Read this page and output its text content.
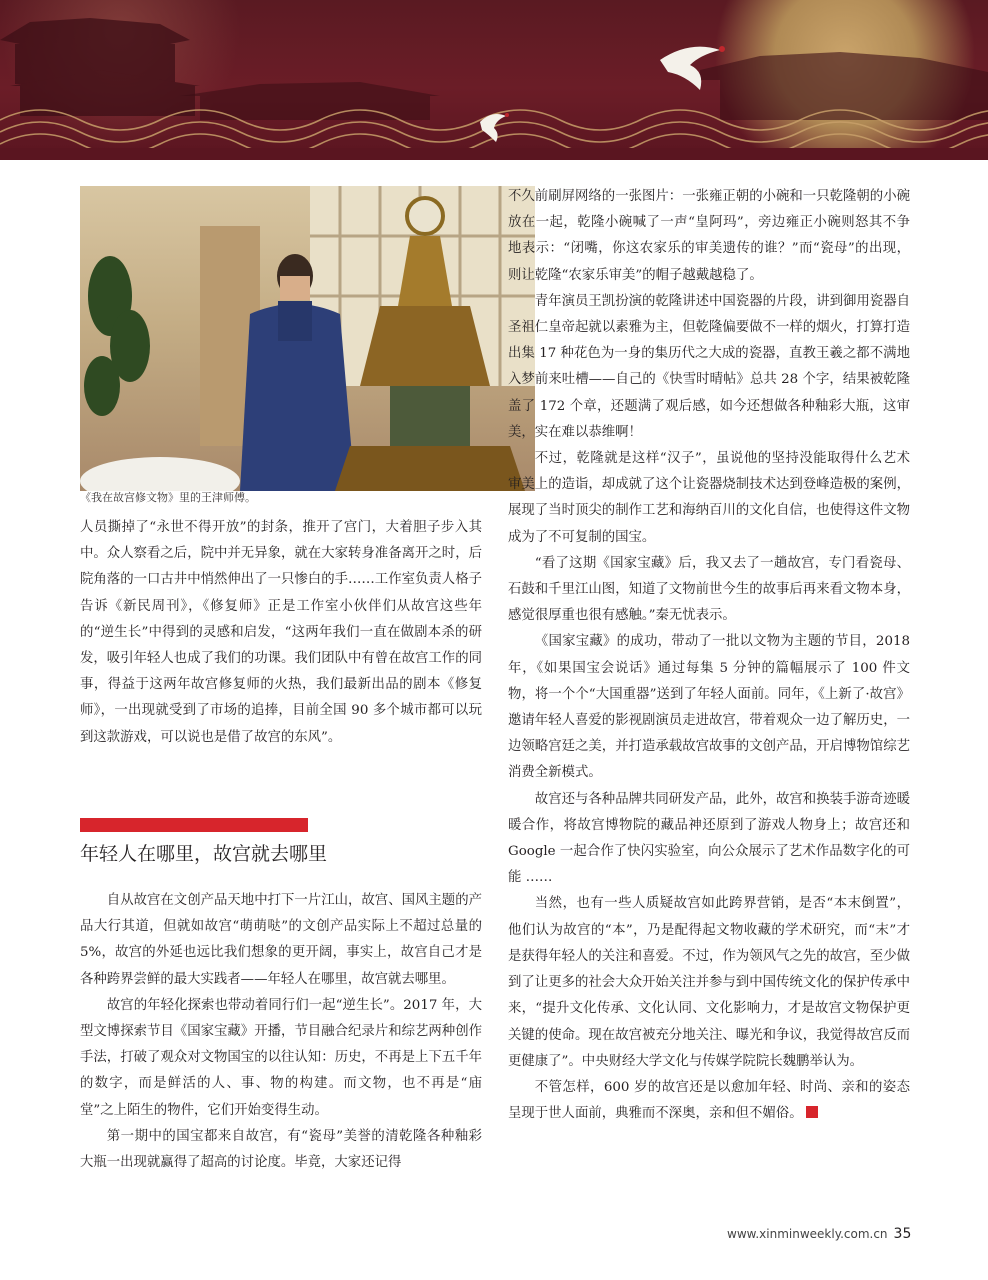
《我在故宫修文物》里的王津师傅。

人员撕掉了“永世不得开放”的封条，推开了宫门，大着胆子步入其中。众人察看之后，院中并无异象，就在大家转身准备离开之时，后院角落的一口古井中悄然伸出了一只惨白的手……工作室负责人格子告诉《新民周刊》，《修复师》正是工作室小伙伴们从故宫这些年的“逆生长”中得到的灵感和启发，“这两年我们一直在做剧本杀的研发，吸引年轻人也成了我们的功课。我们团队中有曾在故宫工作的同事，得益于这两年故宫修复师的火热，我们最新出品的剧本《修复师》，一出现就受到了市场的追捧，目前全国 90 多个城市都可以玩到这款游戏，可以说也是借了故宫的东风”。

年轻人在哪里，故宫就去哪里

自从故宫在文创产品天地中打下一片江山，故宫、国风主题的产品大行其道，但就如故宫“萌萌哒”的文创产品实际上不超过总量的 5%，故宫的外延也远比我们想象的更开阔，事实上，故宫自己才是各种跨界尝鲜的最大实践者——年轻人在哪里，故宫就去哪里。

故宫的年轻化探索也带动着同行们一起“逆生长”。2017 年，大型文博探索节目《国家宝藏》开播，节目融合纪录片和综艺两种创作手法，打破了观众对文物国宝的以往认知：历史，不再是上下五千年的数字，而是鲜活的人、事、物的构建。而文物，也不再是“庙堂”之上陌生的物件，它们开始变得生动。

第一期中的国宝都来自故宫，有“瓷母”美誉的清乾隆各种釉彩大瓶一出现就赢得了超高的讨论度。毕竟，大家还记得

不久前刷屏网络的一张图片：一张雍正朝的小碗和一只乾隆朝的小碗放在一起，乾隆小碗喊了一声“皇阿玛”，旁边雍正小碗则怒其不争地表示：“闭嘴，你这农家乐的审美遗传的谁？”而“瓷母”的出现，则让乾隆“农家乐审美”的帽子越戴越稳了。

青年演员王凯扮演的乾隆讲述中国瓷器的片段，讲到御用瓷器自圣祖仁皇帝起就以素雅为主，但乾隆偏要做不一样的烟火，打算打造出集 17 种花色为一身的集历代之大成的瓷器，直教王羲之都不满地入梦前来吐槽——自己的《快雪时晴帖》总共 28 个字，结果被乾隆盖了 172 个章，还题满了观后感，如今还想做各种釉彩大瓶，这审美，实在难以恭维啊！

不过，乾隆就是这样“汉子”，虽说他的坚持没能取得什么艺术审美上的造诣，却成就了这个让瓷器烧制技术达到登峰造极的案例，展现了当时顶尖的制作工艺和海纳百川的文化自信，也使得这件文物成为了不可复制的国宝。

“看了这期《国家宝藏》后，我又去了一趟故宫，专门看瓷母、石鼓和千里江山图，知道了文物前世今生的故事后再来看文物本身，感觉很厚重也很有感触。”秦无忧表示。

《国家宝藏》的成功，带动了一批以文物为主题的节目，2018 年，《如果国宝会说话》通过每集 5 分钟的篇幅展示了 100 件文物，将一个个“大国重器”送到了年轻人面前。同年，《上新了·故宫》邀请年轻人喜爱的影视剧演员走进故宫，带着观众一边了解历史，一边领略宫廷之美，并打造承载故宫故事的文创产品，开启博物馆综艺消费全新模式。

故宫还与各种品牌共同研发产品，此外，故宫和换装手游奇迹暖暖合作，将故宫博物院的藏品神还原到了游戏人物身上；故宫还和 Google 一起合作了快闪实验室，向公众展示了艺术作品数字化的可能 ……

当然，也有一些人质疑故宫如此跨界营销，是否“本末倒置”，他们认为故宫的“本”，乃是配得起文物收藏的学术研究，而“末”才是获得年轻人的关注和喜爱。不过，作为领风气之先的故宫，至少做到了让更多的社会大众开始关注并参与到中国传统文化的保护传承中来，“提升文化传承、文化认同、文化影响力，才是故宫文物保护更关键的使命。现在故宫被充分地关注、曝光和争议，我觉得故宫反而更健康了”。中央财经大学文化与传媒学院院长魏鹏举认为。

不管怎样，600 岁的故宫还是以愈加年轻、时尚、亲和的姿态呈现于世人面前，典雅而不深奥，亲和但不媚俗。

www.xinminweekly.com.cn 35
